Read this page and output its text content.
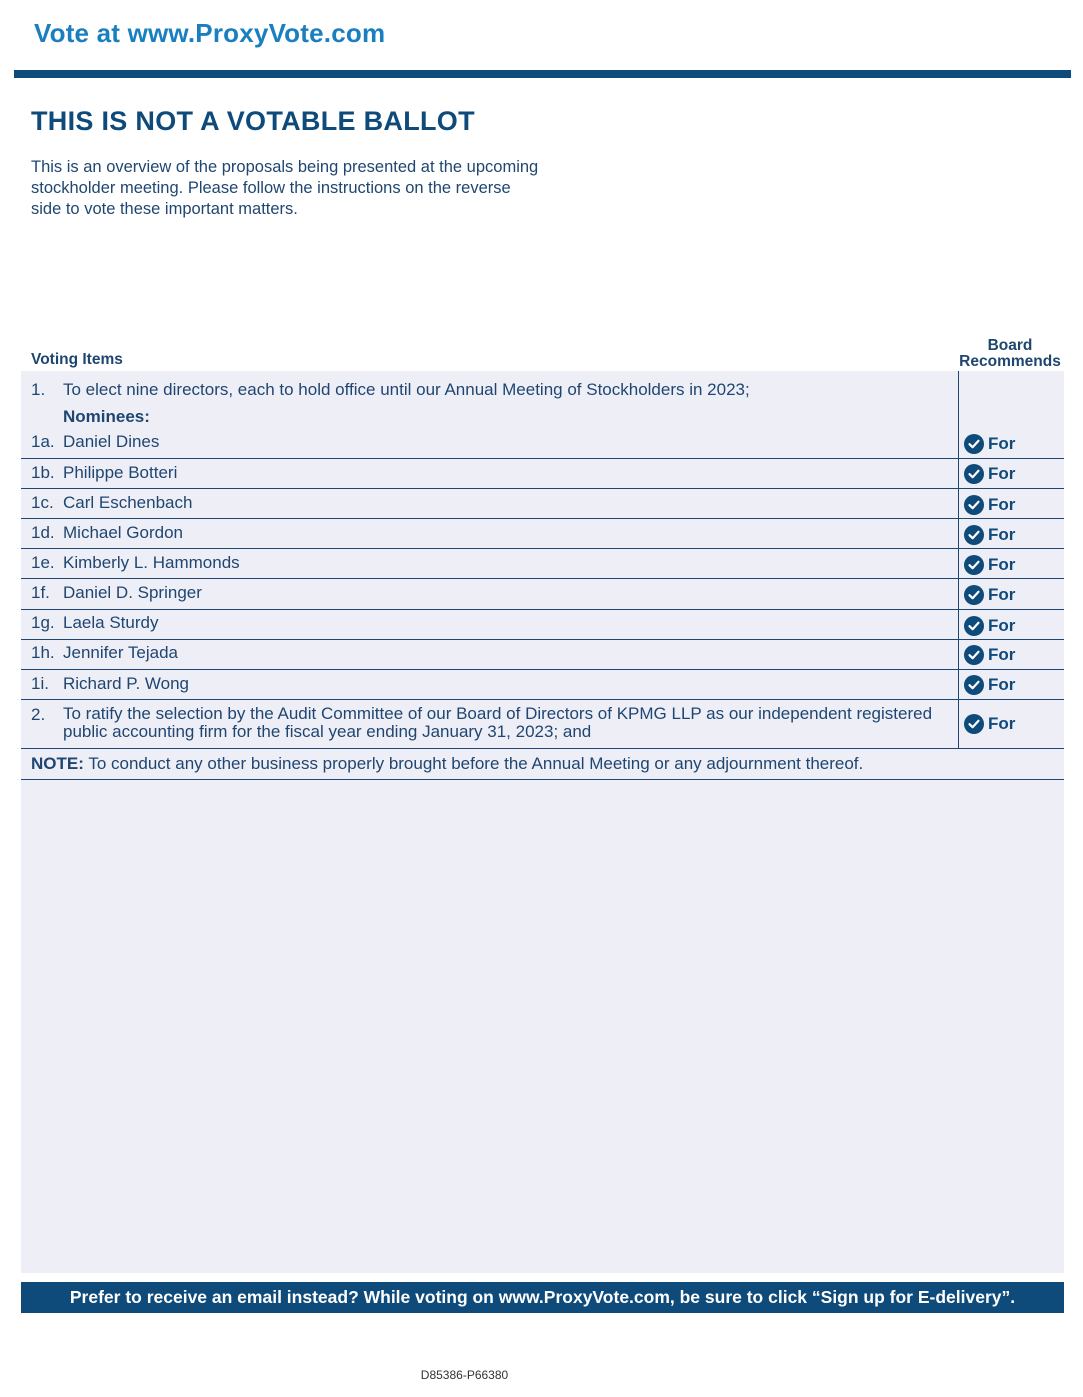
Vote at www.ProxyVote.com
THIS IS NOT A VOTABLE BALLOT
This is an overview of the proposals being presented at the upcoming stockholder meeting. Please follow the instructions on the reverse side to vote these important matters.
Voting Items
Board
Recommends
1. To elect nine directors, each to hold office until our Annual Meeting of Stockholders in 2023;
Nominees:
1a. Daniel Dines	For
1b. Philippe Botteri	For
1c. Carl Eschenbach	For
1d. Michael Gordon	For
1e. Kimberly L. Hammonds	For
1f. Daniel D. Springer	For
1g. Laela Sturdy	For
1h. Jennifer Tejada	For
1i. Richard P. Wong	For
2. To ratify the selection by the Audit Committee of our Board of Directors of KPMG LLP as our independent registered
public accounting firm for the fiscal year ending January 31, 2023; and	For
NOTE: To conduct any other business properly brought before the Annual Meeting or any adjournment thereof.
Prefer to receive an email instead? While voting on www.ProxyVote.com, be sure to click “Sign up for E-delivery”.
D85386-P66380
